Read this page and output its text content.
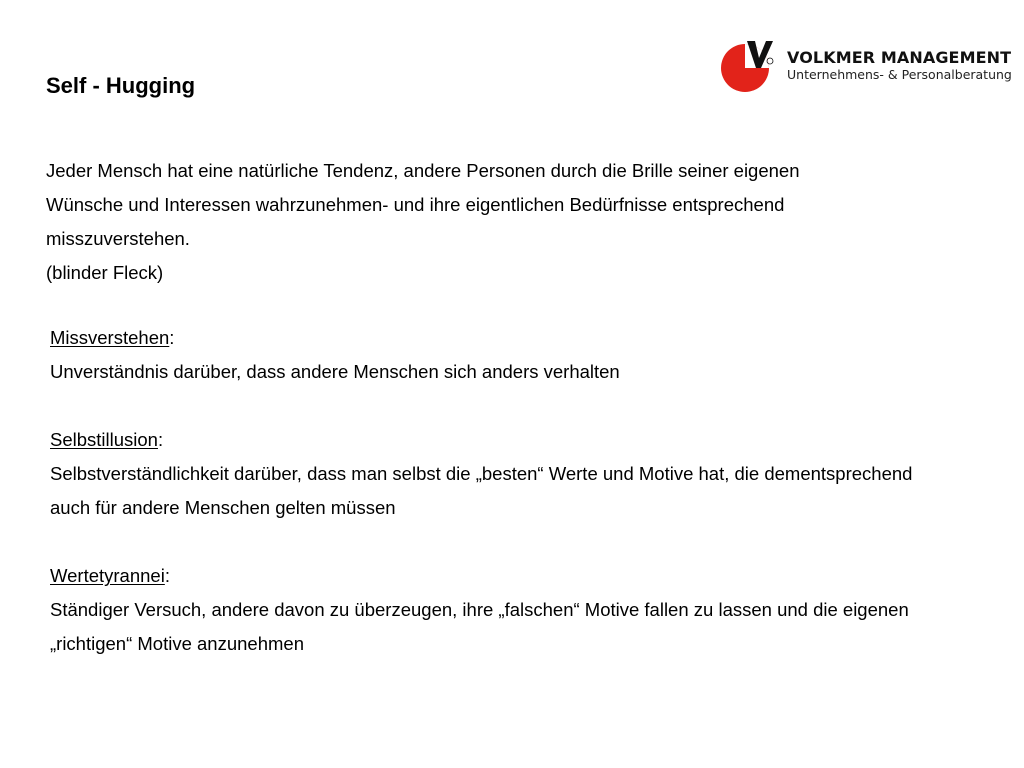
VOLKMER MANAGEMENT
Unternehmens- & Personalberatung
Self - Hugging

Jeder Mensch hat eine natürliche Tendenz, andere Personen durch die Brille seiner eigenen
Wünsche und Interessen wahrzunehmen- und ihre eigentlichen Bedürfnisse entsprechend
misszuverstehen.
(blinder Fleck)

Missverstehen:
Unverständnis darüber, dass andere Menschen sich anders verhalten
Selbstillusion:
Selbstverständlichkeit darüber, dass man selbst die „besten“ Werte und Motive hat, die dementsprechend
auch für andere Menschen gelten müssen
Wertetyrannei:
Ständiger Versuch, andere davon zu überzeugen, ihre „falschen“ Motive fallen zu lassen und die eigenen
„richtigen“ Motive anzunehmen
